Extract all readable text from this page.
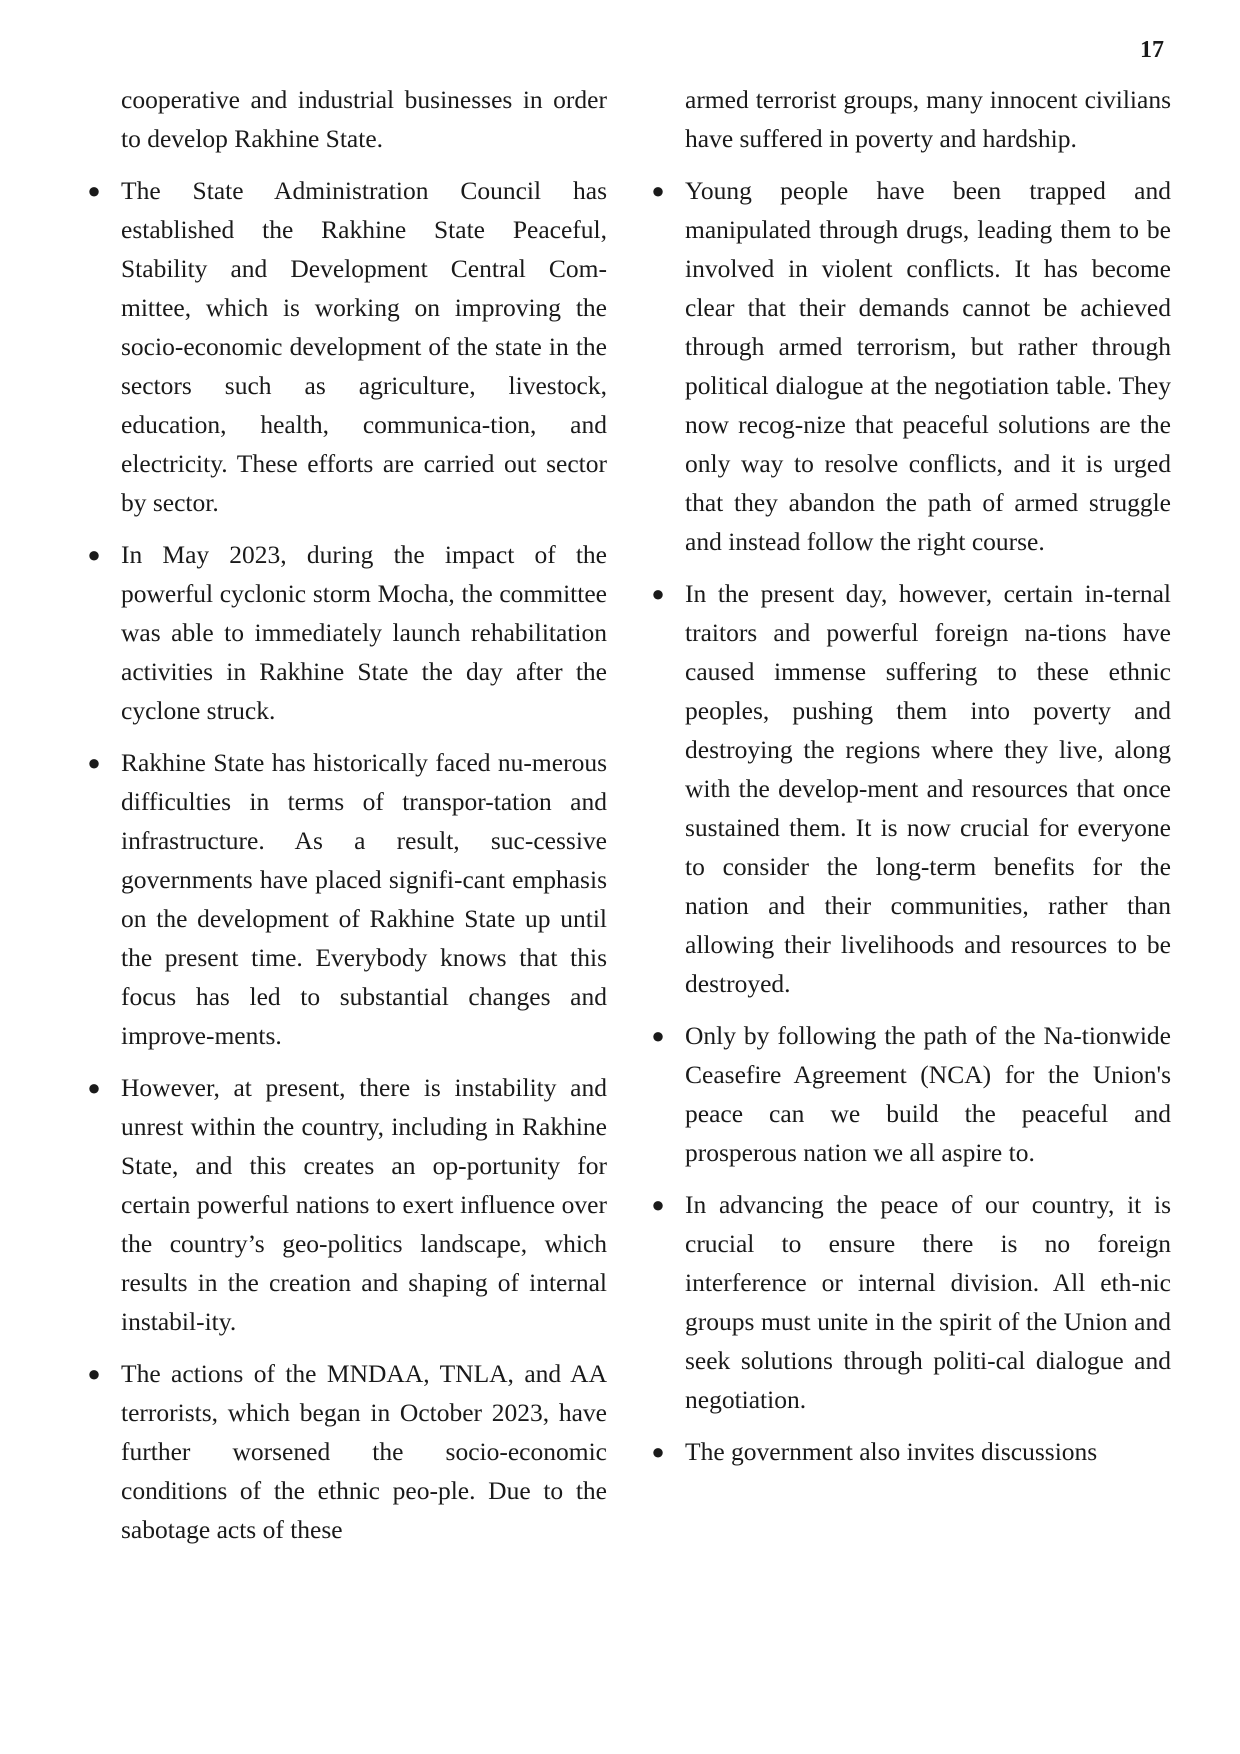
17

cooperative and industrial businesses in order to develop Rakhine State.

● The State Administration Council has established the Rakhine State Peaceful, Stability and Development Central Com-mittee, which is working on improving the socio-economic development of the state in the sectors such as agriculture, livestock, education, health, communica-tion, and electricity. These efforts are carried out sector by sector.

● In May 2023, during the impact of the powerful cyclonic storm Mocha, the committee was able to immediately launch rehabilitation activities in Rakhine State the day after the cyclone struck.

● Rakhine State has historically faced nu-merous difficulties in terms of transpor-tation and infrastructure. As a result, suc-cessive governments have placed signifi-cant emphasis on the development of Rakhine State up until the present time. Everybody knows that this focus has led to substantial changes and improve-ments.

● However, at present, there is instability and unrest within the country, including in Rakhine State, and this creates an op-portunity for certain powerful nations to exert influence over the country’s geo-politics landscape, which results in the creation and shaping of internal instabil-ity.

● The actions of the MNDAA, TNLA, and AA terrorists, which began in October 2023, have further worsened the socio-economic conditions of the ethnic peo-ple. Due to the sabotage acts of these

armed terrorist groups, many innocent civilians have suffered in poverty and hardship.

● Young people have been trapped and manipulated through drugs, leading them to be involved in violent conflicts. It has become clear that their demands cannot be achieved through armed terrorism, but rather through political dialogue at the negotiation table. They now recog-nize that peaceful solutions are the only way to resolve conflicts, and it is urged that they abandon the path of armed struggle and instead follow the right course.

● In the present day, however, certain in-ternal traitors and powerful foreign na-tions have caused immense suffering to these ethnic peoples, pushing them into poverty and destroying the regions where they live, along with the develop-ment and resources that once sustained them. It is now crucial for everyone to consider the long-term benefits for the nation and their communities, rather than allowing their livelihoods and resources to be destroyed.

● Only by following the path of the Na-tionwide Ceasefire Agreement (NCA) for the Union's peace can we build the peaceful and prosperous nation we all aspire to.

● In advancing the peace of our country, it is crucial to ensure there is no foreign interference or internal division. All eth-nic groups must unite in the spirit of the Union and seek solutions through politi-cal dialogue and negotiation.

● The government also invites discussions
